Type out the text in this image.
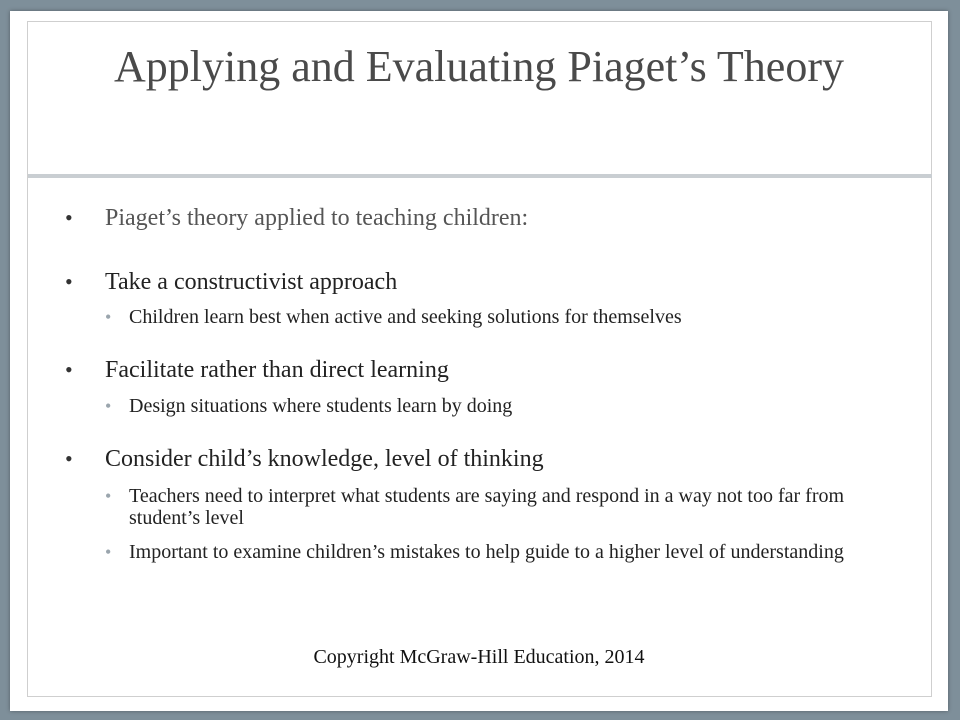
Applying and Evaluating Piaget’s Theory
• Piaget’s theory applied to teaching children:
• Take a constructivist approach
• Children learn best when active and seeking solutions for themselves
• Facilitate rather than direct learning
• Design situations where students learn by doing
• Consider child’s knowledge, level of thinking
• Teachers need to interpret what students are saying and respond in a way not too far from student’s level
• Important to examine children’s mistakes to help guide to a higher level of understanding
Copyright McGraw-Hill Education, 2014
